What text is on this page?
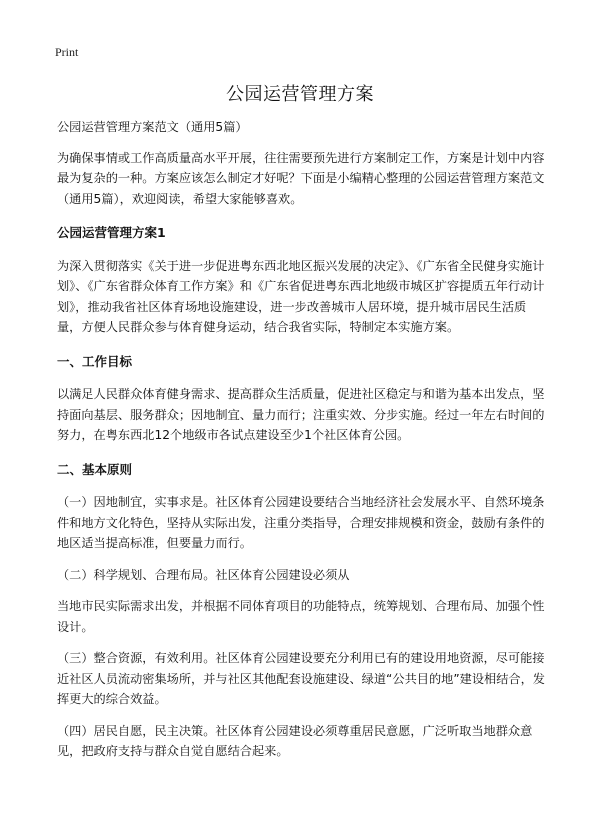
Print
公园运营管理方案

公园运营管理方案范文（通用5篇）

为确保事情或工作高质量高水平开展，往往需要预先进行方案制定工作，方案是计划中内容最为复杂的一种。方案应该怎么制定才好呢？下面是小编精心整理的公园运营管理方案范文（通用5篇），欢迎阅读，希望大家能够喜欢。

公园运营管理方案1

为深入贯彻落实《关于进一步促进粤东西北地区振兴发展的决定》、《广东省全民健身实施计划》、《广东省群众体育工作方案》和《广东省促进粤东西北地级市城区扩容提质五年行动计划》，推动我省社区体育场地设施建设，进一步改善城市人居环境，提升城市居民生活质量，方便人民群众参与体育健身运动，结合我省实际，特制定本实施方案。

一、工作目标

以满足人民群众体育健身需求、提高群众生活质量，促进社区稳定与和谐为基本出发点，坚持面向基层、服务群众；因地制宜、量力而行；注重实效、分步实施。经过一年左右时间的努力，在粤东西北12个地级市各试点建设至少1个社区体育公园。

二、基本原则

（一）因地制宜，实事求是。社区体育公园建设要结合当地经济社会发展水平、自然环境条件和地方文化特色，坚持从实际出发，注重分类指导，合理安排规模和资金，鼓励有条件的地区适当提高标准，但要量力而行。

（二）科学规划、合理布局。社区体育公园建设必须从

当地市民实际需求出发，并根据不同体育项目的功能特点，统筹规划、合理布局、加强个性设计。

（三）整合资源，有效利用。社区体育公园建设要充分利用已有的建设用地资源，尽可能接近社区人员流动密集场所，并与社区其他配套设施建设、绿道“公共目的地”建设相结合，发挥更大的综合效益。

（四）居民自愿，民主决策。社区体育公园建设必须尊重居民意愿，广泛听取当地群众意见，把政府支持与群众自觉自愿结合起来。
